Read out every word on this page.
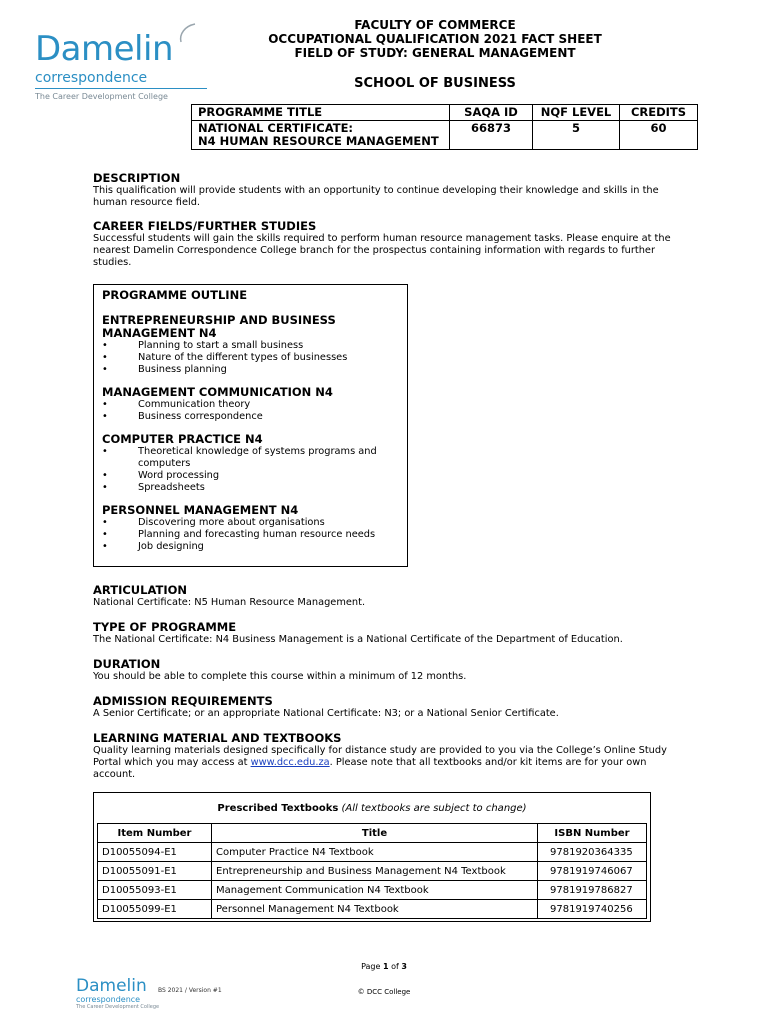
Damelin
correspondence
The Career Development College
FACULTY OF COMMERCE
OCCUPATIONAL QUALIFICATION 2021 FACT SHEET
FIELD OF STUDY: GENERAL MANAGEMENT
SCHOOL OF BUSINESS
PROGRAMME TITLE	SAQA ID	NQF LEVEL	CREDITS

NATIONAL CERTIFICATE:
N4 HUMAN RESOURCE MANAGEMENT	66873	5	60
DESCRIPTION

This qualification will provide students with an opportunity to continue developing their knowledge and skills in the human resource field.

CAREER FIELDS/FURTHER STUDIES

Successful students will gain the skills required to perform human resource management tasks. Please enquire at the nearest Damelin Correspondence College branch for the prospectus containing information with regards to further studies.

PROGRAMME OUTLINE
ENTREPRENEURSHIP AND BUSINESS MANAGEMENT N4
• Planning to start a small business
• Nature of the different types of businesses
• Business planning
MANAGEMENT COMMUNICATION N4
• Communication theory
• Business correspondence
COMPUTER PRACTICE N4
• Theoretical knowledge of systems programs and computers
• Word processing
• Spreadsheets
PERSONNEL MANAGEMENT N4
• Discovering more about organisations
• Planning and forecasting human resource needs
• Job designing
ARTICULATION

National Certificate: N5 Human Resource Management.

TYPE OF PROGRAMME

The National Certificate: N4 Business Management is a National Certificate of the Department of Education.

DURATION

You should be able to complete this course within a minimum of 12 months.

ADMISSION REQUIREMENTS

A Senior Certificate; or an appropriate National Certificate: N3; or a National Senior Certificate.

LEARNING MATERIAL AND TEXTBOOKS

Quality learning materials designed specifically for distance study are provided to you via the College’s Online Study Portal which you may access at www.dcc.edu.za. Please note that all textbooks and/or kit items are for your own account.

Prescribed Textbooks (All textbooks are subject to change)
Item Number	Title	ISBN Number
D10055094-E1	Computer Practice N4 Textbook	9781920364335
D10055091-E1	Entrepreneurship and Business Management N4 Textbook	9781919746067
D10055093-E1	Management Communication N4 Textbook	9781919786827
D10055099-E1	Personnel Management N4 Textbook	9781919740256
Page 1 of 3
Damelin
correspondence
The Career Development College
BS 2021 / Version #1	© DCC College
